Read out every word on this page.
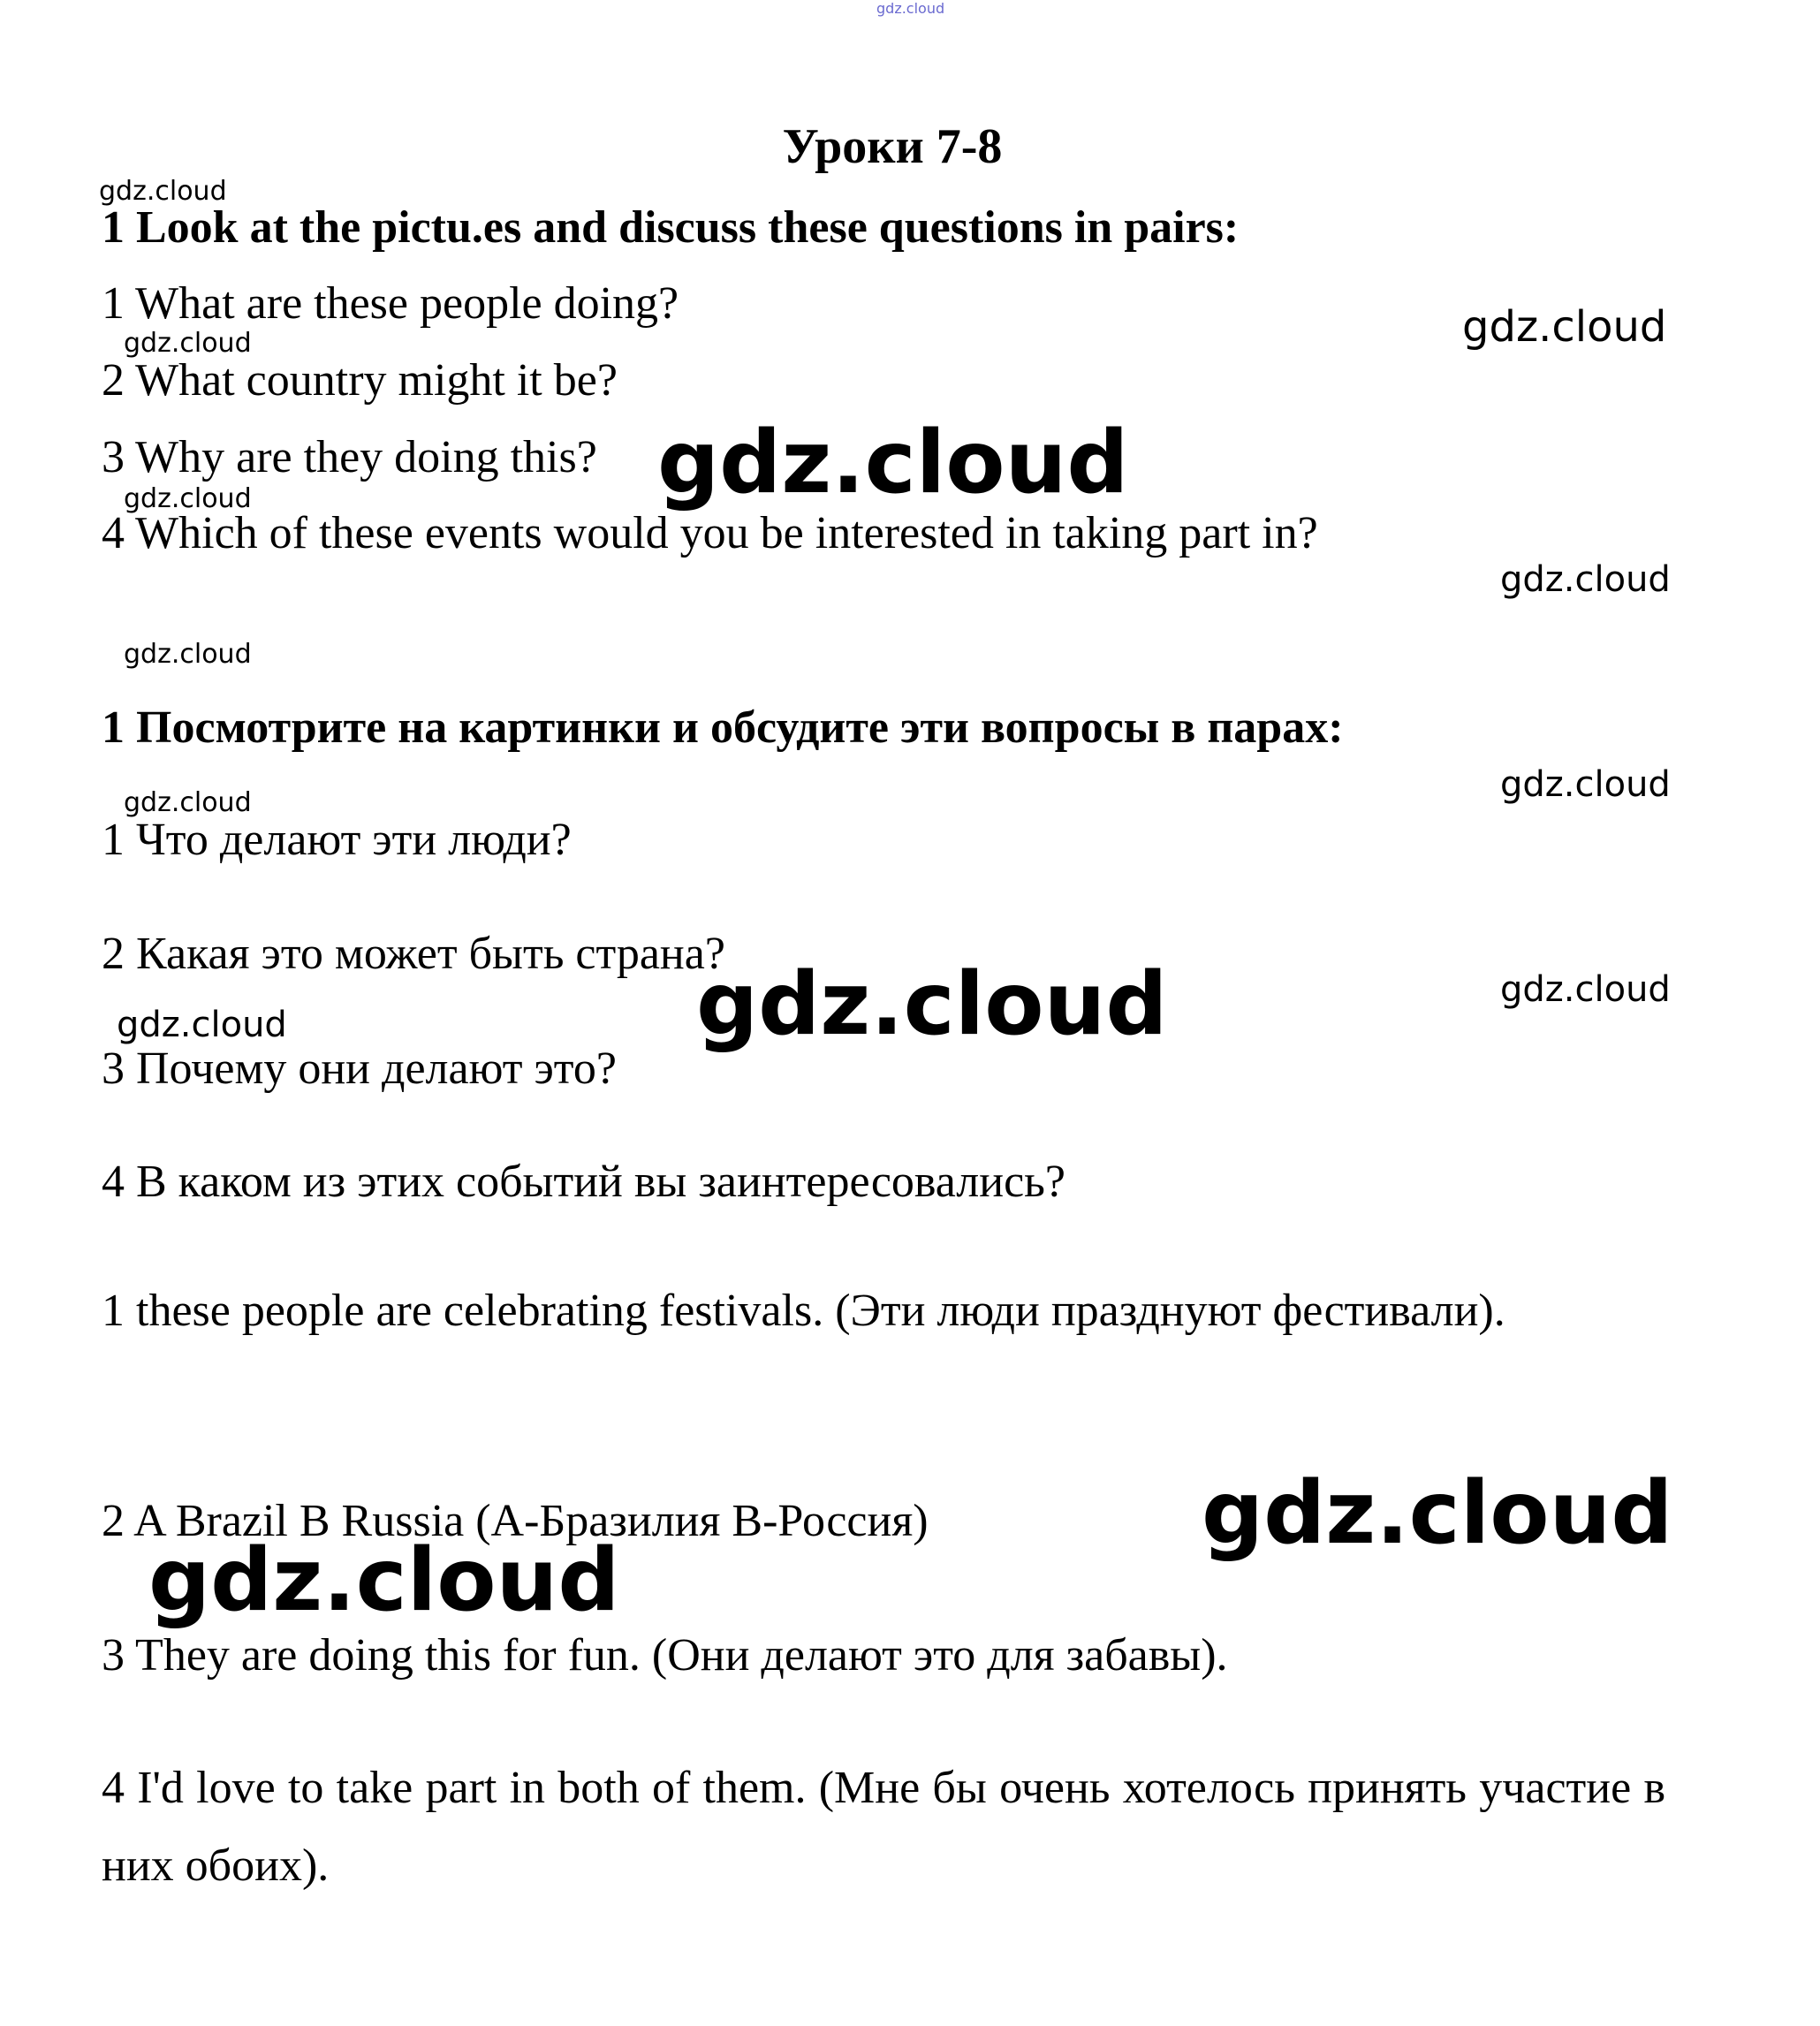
gdz.cloud
Уроки 7-8
1 Look at the pictu.es and discuss these questions in pairs:
1 What are these people doing?
2 What country might it be?
3 Why are they doing this?
4 Which of these events would you be interested in taking part in?
1 Посмотрите на картинки и обсудите эти вопросы в парах:
1 Что делают эти люди?
2 Какая это может быть страна?
3 Почему они делают это?
4 В каком из этих событий вы заинтересовались?
1 these people are celebrating festivals. (Эти люди празднуют фестивали).
2 A Brazil B Russia (А-Бразилия В-Россия)
3 They are doing this for fun. (Они делают это для забавы).
4 I'd love to take part in both of them. (Мне бы очень хотелось принять участие в них обоих).
gdz.cloud
gdz.cloud
gdz.cloud
gdz.cloud
gdz.cloud
gdz.cloud
gdz.cloud
gdz.cloud
gdz.cloud
gdz.cloud	gdz.cloud
gdz.cloud
gdz.cloud
gdz.cloud
